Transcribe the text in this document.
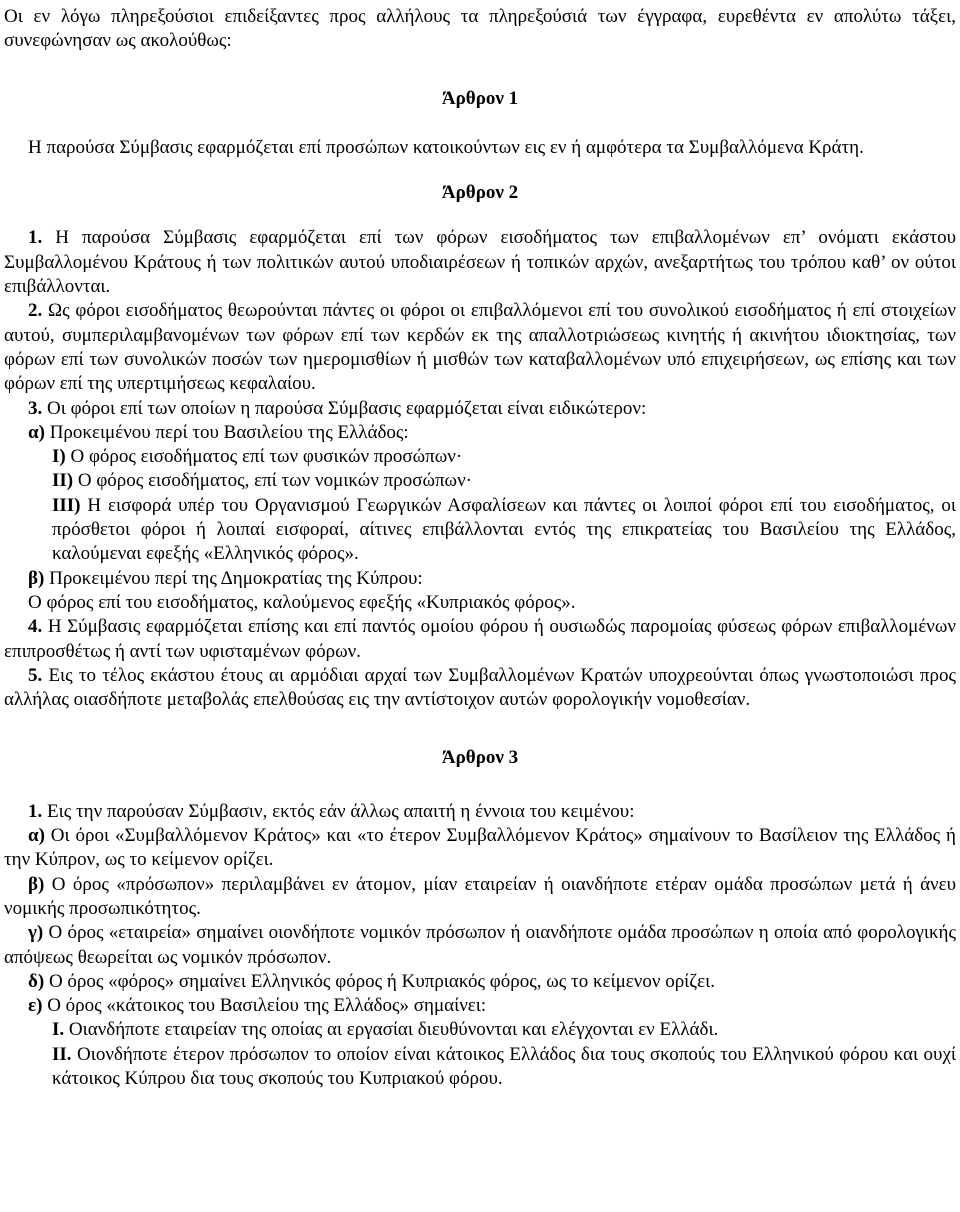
Οι εν λόγω πληρεξούσιοι επιδείξαντες προς αλλήλους τα πληρεξούσιά των έγγραφα, ευρεθέντα εν απολύτω τάξει, συνεφώνησαν ως ακολούθως:

Άρθρον 1

Η παρούσα Σύμβασις εφαρμόζεται επί προσώπων κατοικούντων εις εν ή αμφότερα τα Συμβαλλόμενα Κράτη.

Άρθρον 2

1. Η παρούσα Σύμβασις εφαρμόζεται επί των φόρων εισοδήματος των επιβαλλομένων επ’ ονόματι εκάστου Συμβαλλομένου Κράτους ή των πολιτικών αυτού υποδιαιρέσεων ή τοπικών αρχών, ανεξαρτήτως του τρόπου καθ’ ον ούτοι επιβάλλονται.

2. Ως φόροι εισοδήματος θεωρούνται πάντες οι φόροι οι επιβαλλόμενοι επί του συνολικού εισοδήματος ή επί στοιχείων αυτού, συμπεριλαμβανομένων των φόρων επί των κερδών εκ της απαλλοτριώσεως κινητής ή ακινήτου ιδιοκτησίας, των φόρων επί των συνολικών ποσών των ημερομισθίων ή μισθών των καταβαλλομένων υπό επιχειρήσεων, ως επίσης και των φόρων επί της υπερτιμήσεως κεφαλαίου.

3. Οι φόροι επί των οποίων η παρούσα Σύμβασις εφαρμόζεται είναι ειδικώτερον:

α) Προκειμένου περί του Βασιλείου της Ελλάδος:

Ι) Ο φόρος εισοδήματος επί των φυσικών προσώπων·

ΙΙ) Ο φόρος εισοδήματος, επί των νομικών προσώπων·

ΙΙΙ) Η εισφορά υπέρ του Οργανισμού Γεωργικών Ασφαλίσεων και πάντες οι λοιποί φόροι επί του εισοδήματος, οι πρόσθετοι φόροι ή λοιπαί εισφοραί, αίτινες επιβάλλονται εντός της επικρατείας του Βασιλείου της Ελλάδος, καλούμεναι εφεξής «Ελληνικός φόρος».

β) Προκειμένου περί της Δημοκρατίας της Κύπρου:

Ο φόρος επί του εισοδήματος, καλούμενος εφεξής «Κυπριακός φόρος».

4. Η Σύμβασις εφαρμόζεται επίσης και επί παντός ομοίου φόρου ή ουσιωδώς παρομοίας φύσεως φόρων επιβαλλομένων επιπροσθέτως ή αντί των υφισταμένων φόρων.

5. Εις το τέλος εκάστου έτους αι αρμόδιαι αρχαί των Συμβαλλομένων Κρατών υποχρεούνται όπως γνωστοποιώσι προς αλλήλας οιασδήποτε μεταβολάς επελθούσας εις την αντίστοιχον αυτών φορολογικήν νομοθεσίαν.

Άρθρον 3

1. Εις την παρούσαν Σύμβασιν, εκτός εάν άλλως απαιτή η έννοια του κειμένου:

α) Οι όροι «Συμβαλλόμενον Κράτος» και «το έτερον Συμβαλλόμενον Κράτος» σημαίνουν το Βασίλειον της Ελλάδος ή την Κύπρον, ως το κείμενον ορίζει.

β) Ο όρος «πρόσωπον» περιλαμβάνει εν άτομον, μίαν εταιρείαν ή οιανδήποτε ετέραν ομάδα προσώπων μετά ή άνευ νομικής προσωπικότητος.

γ) Ο όρος «εταιρεία» σημαίνει οιονδήποτε νομικόν πρόσωπον ή οιανδήποτε ομάδα προσώπων η οποία από φορολογικής απόψεως θεωρείται ως νομικόν πρόσωπον.

δ) Ο όρος «φόρος» σημαίνει Ελληνικός φόρος ή Κυπριακός φόρος, ως το κείμενον ορίζει.

ε) Ο όρος «κάτοικος του Βασιλείου της Ελλάδος» σημαίνει:

Ι. Οιανδήποτε εταιρείαν της οποίας αι εργασίαι διευθύνονται και ελέγχονται εν Ελλάδι.

ΙΙ. Οιονδήποτε έτερον πρόσωπον το οποίον είναι κάτοικος Ελλάδος δια τους σκοπούς του Ελληνικού φόρου και ουχί κάτοικος Κύπρου δια τους σκοπούς του Κυπριακού φόρου.
